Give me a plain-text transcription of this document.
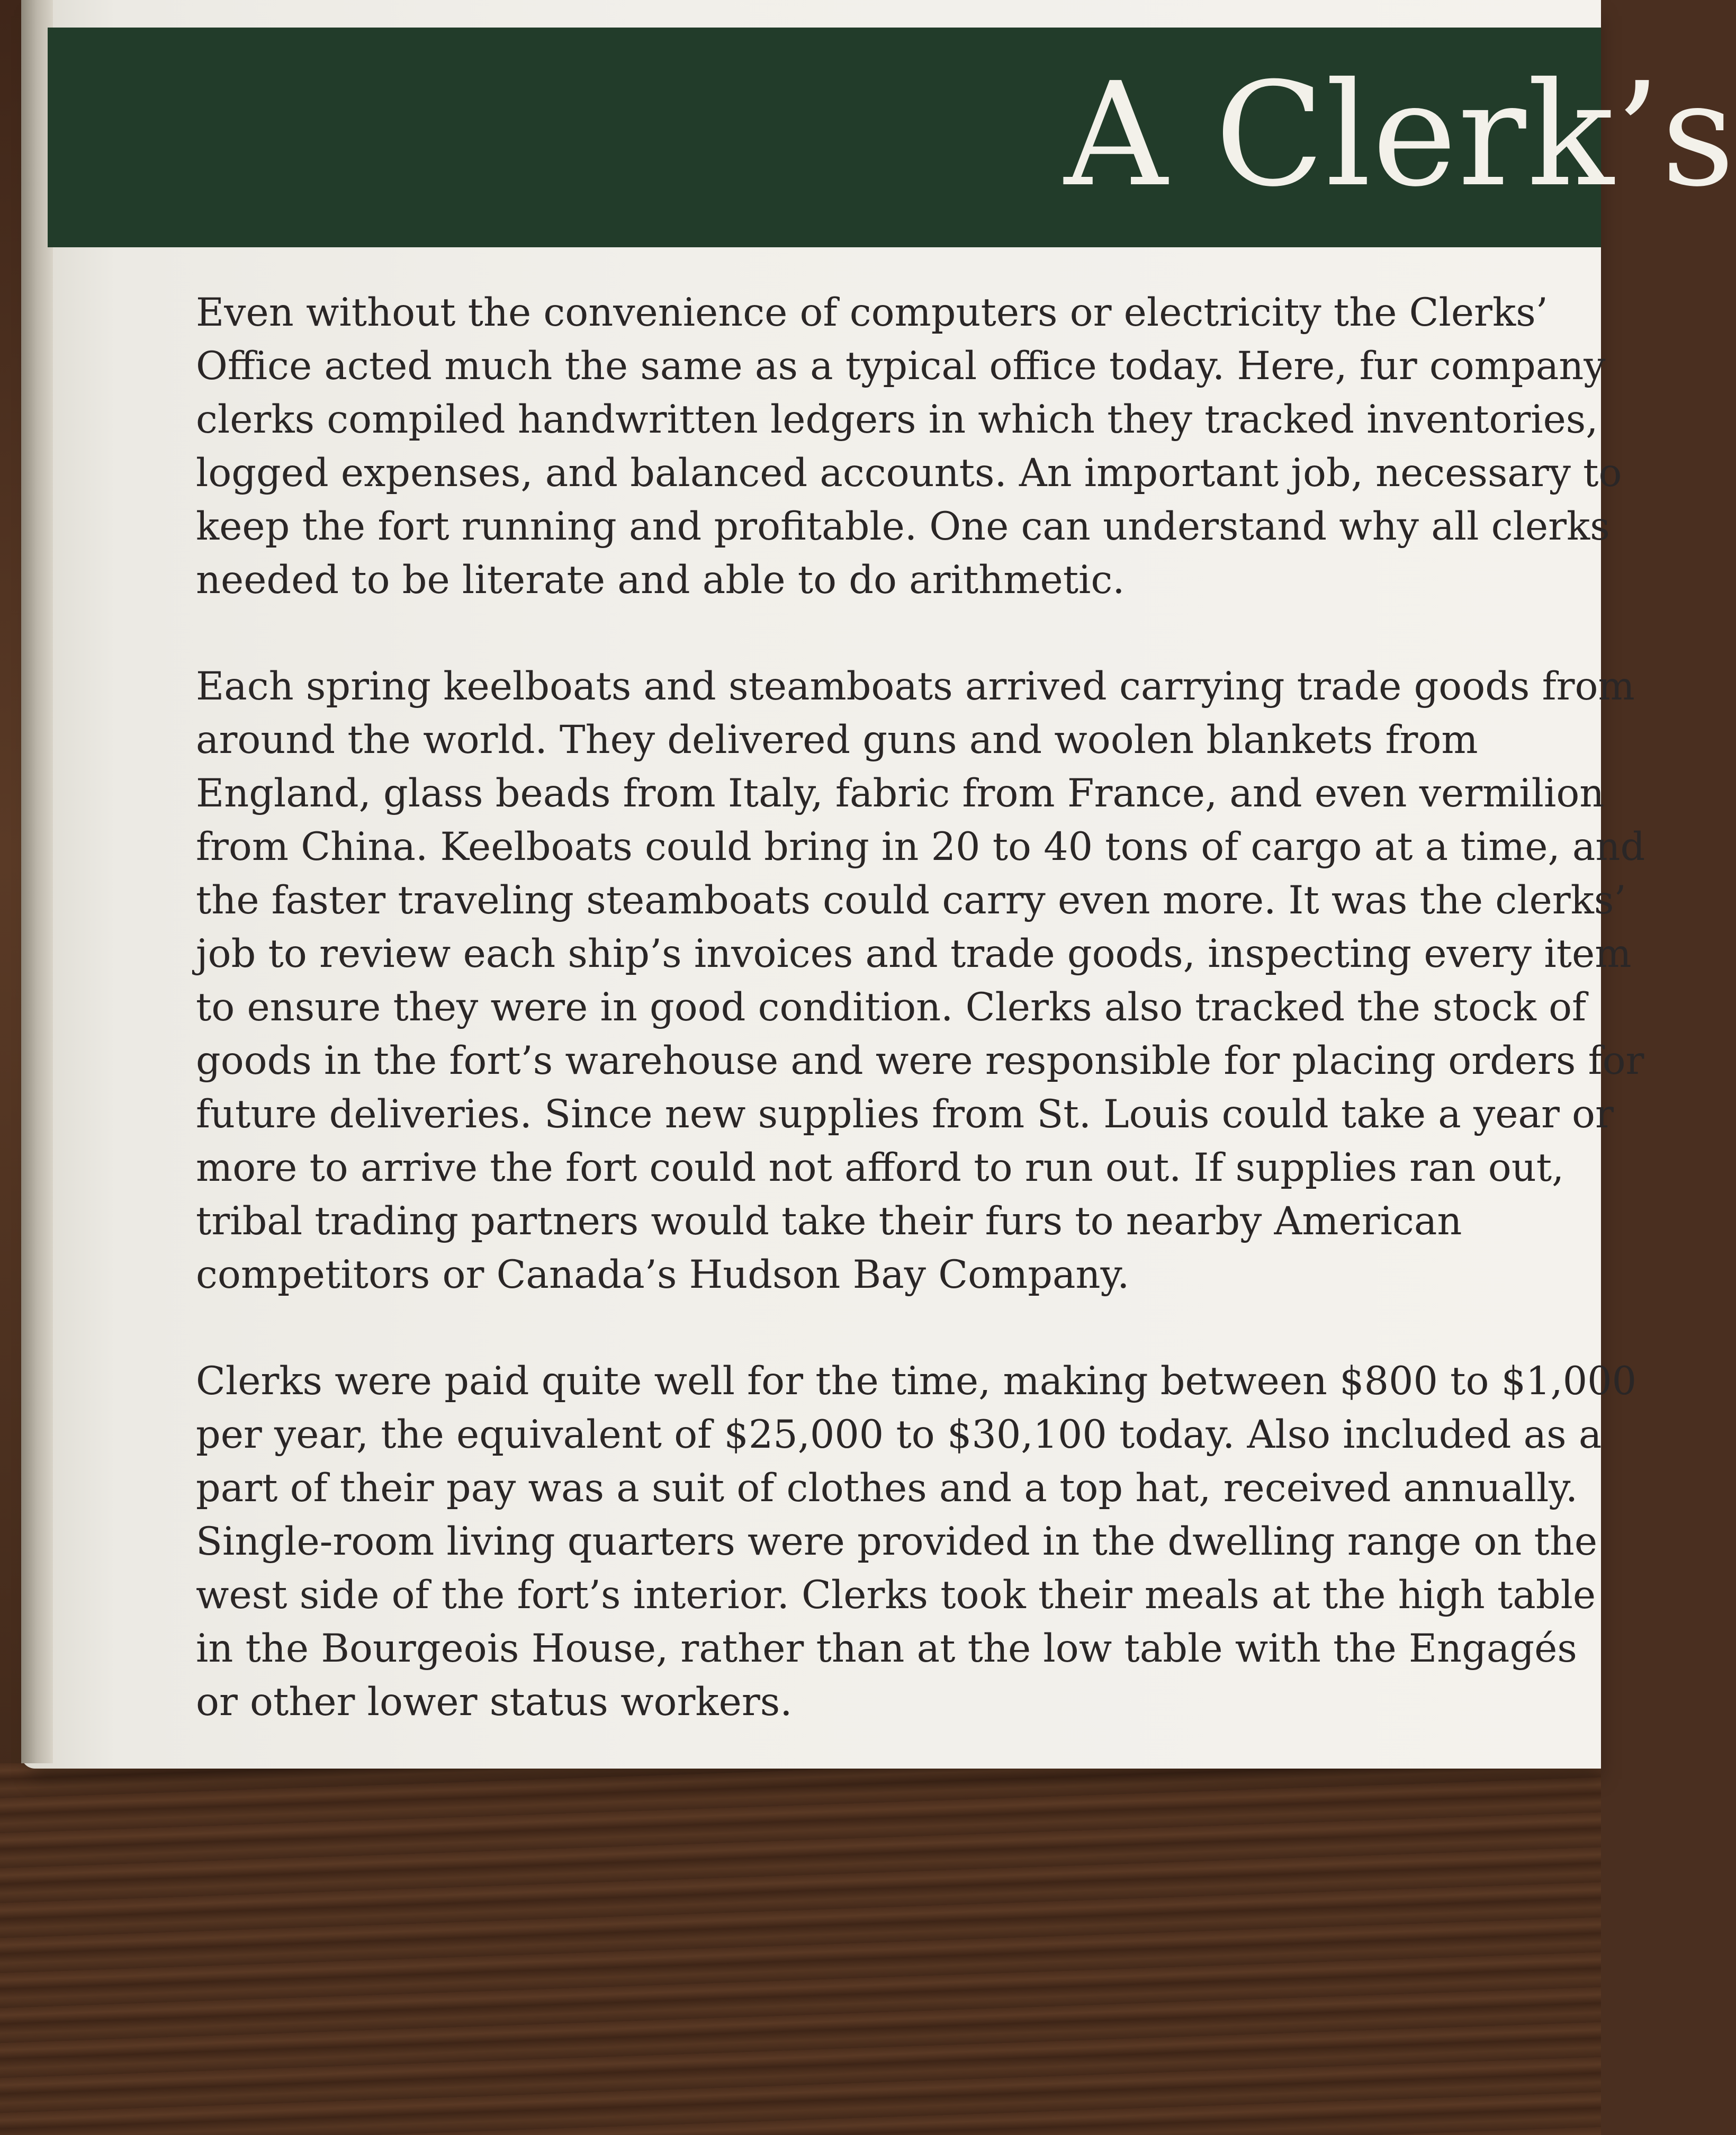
A Clerk’s

Even without the convenience of computers or electricity the Clerks’
Office acted much the same as a typical office today. Here, fur company
clerks compiled handwritten ledgers in which they tracked inventories,
logged expenses, and balanced accounts. An important job, necessary to
keep the fort running and profitable. One can understand why all clerks
needed to be literate and able to do arithmetic.

Each spring keelboats and steamboats arrived carrying trade goods from
around the world. They delivered guns and woolen blankets from
England, glass beads from Italy, fabric from France, and even vermilion
from China. Keelboats could bring in 20 to 40 tons of cargo at a time, and
the faster traveling steamboats could carry even more. It was the clerks’
job to review each ship’s invoices and trade goods, inspecting every item
to ensure they were in good condition. Clerks also tracked the stock of
goods in the fort’s warehouse and were responsible for placing orders for
future deliveries. Since new supplies from St. Louis could take a year or
more to arrive the fort could not afford to run out. If supplies ran out,
tribal trading partners would take their furs to nearby American
competitors or Canada’s Hudson Bay Company.

Clerks were paid quite well for the time, making between $800 to $1,000
per year, the equivalent of $25,000 to $30,100 today. Also included as a
part of their pay was a suit of clothes and a top hat, received annually.
Single-room living quarters were provided in the dwelling range on the
west side of the fort’s interior. Clerks took their meals at the high table
in the Bourgeois House, rather than at the low table with the Engagés
or other lower status workers.
